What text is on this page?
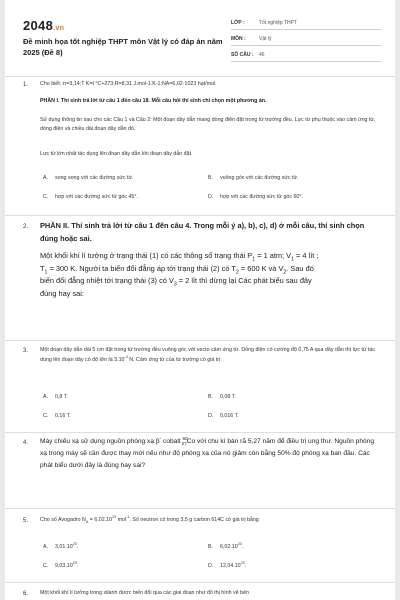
2048.vn
Đề minh họa tốt nghiệp THPT môn Vật lý có đáp án năm 2025 (Đề 8)
LỚP :	Tốt nghiệp THPT
MÔN :	Vật lý
SỐ CÂU :	46
1. Cho biết: π=3,14;T K=t °C+273;R=8,31 J.mol-1.K-1;NA=6,02·1023 hạt/mol.
PHẦN I. Thí sinh trả lời từ câu 1 đến câu 18. Mỗi câu hỏi thí sinh chỉ chọn một phương án.
Sử dụng thông tin sau cho các Câu 1 và Câu 2: Một đoạn dây dẫn mang dòng điện đặt trong từ trường đều. Lực từ phụ thuộc vào cảm ứng từ, dòng điện và chiều dài đoạn dây dẫn đó.
Lực từ lớn nhất tác dụng lên đoạn dây dẫn khi đoạn dây dẫn đặt
A.	song song với các đường sức từ.	B.	vuông góc với các đường sức từ.
C.	hợp với các đường sức từ góc 45°.	D.	hợp với các đường sức từ góc 60°.
2. PHẦN II. Thí sinh trả lời từ câu 1 đến câu 4. Trong mỗi ý a), b), c), d) ở mỗi câu, thí sinh chọn đúng hoặc sai.
Một khối khí lí tưởng ở trạng thái (1) có các thông số trạng thái $P_1 = 1$ atm; $V_1 = 4$ lít ;
$T_1 = 300$ K. Người ta biến đổi đẳng áp tới trạng thái (2) có $T_2 = 600$ K và $V_2$. Sau đó
biến đổi đẳng nhiệt tới trạng thái (3) có $V_3 = 2$ lít thì dừng lại Các phát biểu sau đây
đúng hay sai:
3. Một đoạn dây dẫn dài 5 cm đặt trong từ trường đều vuông góc với vecto cảm ứng từ. Dòng điện có cường độ 0,75 A qua dây dẫn thì lực từ tác dụng lên đoạn dây có độ lớn là $3.10^{-3}$ N. Cảm ứng từ của từ trường có giá trị
A.	0,8 T.	B.	0,08 T.
C.	0,16 T.	D.	0,016 T.
4. Máy chiếu xạ sử dụng nguồn phóng xạ β- cobalt $^{60}_{27}$Co với chu kì bán rã 5,27 năm để điều trị ung thư. Nguồn phóng xạ trong máy sẽ cần được thay mới nếu như độ phóng xạ của nó giảm còn bằng 50% độ phóng xạ ban đầu. Các phát biểu dưới đây là đúng hay sai?
5. Cho số Avogadro $N_A = 6,02.10^{23}$ mol$^{-1}$. Số neutron có trong 3,5 g carbon 614C có giá trị bằng
A.	3,01.10$^{23}$.	B.	6,02.10$^{23}$.
C.	9,03.10$^{23}$.	D.	12,04.10$^{23}$.
6. Một khối khí lí tưởng trong xilanh được biến đổi qua các giai đoạn như đồ thị hình vẽ bên
